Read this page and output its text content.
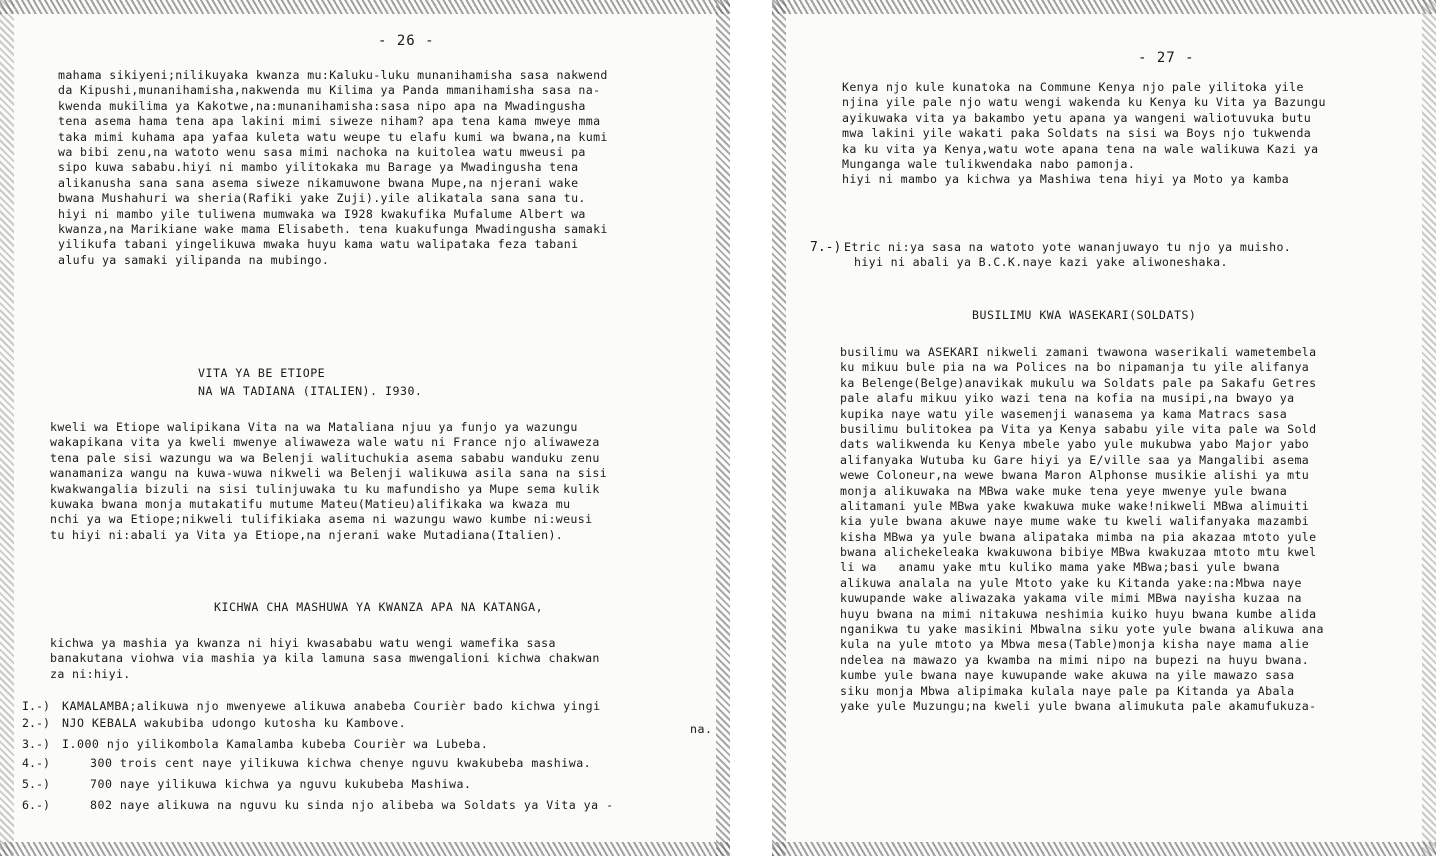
- 26 -
mahama sikiyeni;nilikuyaka kwanza mu:Kaluku-luku munanihamisha sasa nakwend
da Kipushi,munanihamisha,nakwenda mu Kilima ya Panda mmanihamisha sasa na-
kwenda mukilima ya Kakotwe,na:munanihamisha:sasa nipo apa na Mwadingusha
tena asema hama tena apa lakini mimi siweze niham? apa tena kama mweye mma
taka mimi kuhama apa yafaa kuleta watu weupe tu elafu kumi wa bwana,na kumi
wa bibi zenu,na watoto wenu sasa mimi nachoka na kuitolea watu mweusi pa
sipo kuwa sababu.hiyi ni mambo yilitokaka mu Barage ya Mwadingusha tena
alikanusha sana sana asema siweze nikamuwone bwana Mupe,na njerani wake
bwana Mushahuri wa sheria(Rafiki yake Zuji).yile alikatala sana sana tu.
hiyi ni mambo yile tuliwena mumwaka wa I928 kwakufika Mufalume Albert wa
kwanza,na Marikiane wake mama Elisabeth. tena kuakufunga Mwadingusha samaki
yilikufa tabani yingelikuwa mwaka huyu kama watu walipataka feza tabani
alufu ya samaki yilipanda na mubingo.
VITA YA BE ETIOPE
NA WA TADIANA (ITALIEN). I930.
kweli wa Etiope walipikana Vita na wa Mataliana njuu ya funjo ya wazungu
wakapikana vita ya kweli mwenye aliwaweza wale watu ni France njo aliwaweza
tena pale sisi wazungu wa wa Belenji walituchukia asema sababu wanduku zenu
wanamaniza wangu na kuwa-wuwa nikweli wa Belenji walikuwa asila sana na sisi
kwakwangalia bizuli na sisi tulinjuwaka tu ku mafundisho ya Mupe sema kulik
kuwaka bwana monja mutakatifu mutume Mateu(Matieu)alifikaka wa kwaza mu
nchi ya wa Etiope;nikweli tulifikiaka asema ni wazungu wawo kumbe ni:weusi
tu hiyi ni:abali ya Vita ya Etiope,na njerani wake Mutadiana(Italien).
KICHWA CHA MASHUWA YA KWANZA APA NA KATANGA,
kichwa ya mashia ya kwanza ni hiyi kwasababu watu wengi wamefika sasa
banakutana viohwa via mashia ya kila lamuna sasa mwengalioni kichwa chakwan
za ni:hiyi.
I.-) KAMALAMBA;alikuwa njo mwenyewe alikuwa anabeba Courièr bado kichwa yingi
2.-) NJO KEBALA wakubiba udongo kutosha ku Kambove.	na.
3.-) I.000 njo yilikombola Kamalamba kubeba Courièr wa Lubeba.
4.-)	300 trois cent naye yilikuwa kichwa chenye nguvu kwakubeba mashiwa.
5.-)	700 naye yilikuwa kichwa ya nguvu kukubeba Mashiwa.
6.-)	802 naye alikuwa na nguvu ku sinda njo alibeba wa Soldats ya Vita ya -
- 27 -
Kenya njo kule kunatoka na Commune Kenya njo pale yilitoka yile
njina yile pale njo watu wengi wakenda ku Kenya ku Vita ya Bazungu
ayikuwaka vita ya bakambo yetu apana ya wangeni waliotuvuka butu
mwa lakini yile wakati paka Soldats na sisi wa Boys njo tukwenda
ka ku vita ya Kenya,watu wote apana tena na wale walikuwa Kazi ya
Munganga wale tulikwendaka nabo pamonja.
hiyi ni mambo ya kichwa ya Mashiwa tena hiyi ya Moto ya kamba
7.-) Etric ni:ya sasa na watoto yote wananjuwayo tu njo ya muisho.
hiyi ni abali ya B.C.K.naye kazi yake aliwoneshaka.
BUSILIMU KWA WASEKARI(SOLDATS)
busilimu wa ASEKARI nikweli zamani twawona waserikali wametembela
ku mikuu bule pia na wa Polices na bo nipamanja tu yile alifanya
ka Belenge(Belge)anavikak mukulu wa Soldats pale pa Sakafu Getres
pale alafu mikuu yiko wazi tena na kofia na musipi,na bwayo ya
kupika naye watu yile wasemenji wanasema ya kama Matracs sasa
busilimu bulitokea pa Vita ya Kenya sababu yile vita pale wa Sold
dats walikwenda ku Kenya mbele yabo yule mukubwa yabo Major yabo
alifanyaka Wutuba ku Gare hiyi ya E/ville saa ya Mangalibi asema
wewe Coloneur,na wewe bwana Maron Alphonse musikie alishi ya mtu
monja alikuwaka na MBwa wake muke tena yeye mwenye yule bwana
alitamani yule MBwa yake kwakuwa muke wake!nikweli MBwa alimuiti
kia yule bwana akuwe naye mume wake tu kweli walifanyaka mazambi
kisha MBwa ya yule bwana alipataka mimba na pia akazaa mtoto yule
bwana alichekeleaka kwakuwona bibiye MBwa kwakuzaa mtoto mtu kwel
li wa   anamu yake mtu kuliko mama yake MBwa;basi yule bwana
alikuwa analala na yule Mtoto yake ku Kitanda yake:na:Mbwa naye
kuwupande wake aliwazaka yakama vile mimi MBwa nayisha kuzaa na
huyu bwana na mimi nitakuwa neshimia kuiko huyu bwana kumbe alida
nganikwa tu yake masikini Mbwalna siku yote yule bwana alikuwa ana
kula na yule mtoto ya Mbwa mesa(Table)monja kisha naye mama alie
ndelea na mawazo ya kwamba na mimi nipo na bupezi na huyu bwana.
kumbe yule bwana naye kuwupande wake akuwa na yile mawazo sasa
siku monja Mbwa alipimaka kulala naye pale pa Kitanda ya Abala
yake yule Muzungu;na kweli yule bwana alimukuta pale akamufukuza-
